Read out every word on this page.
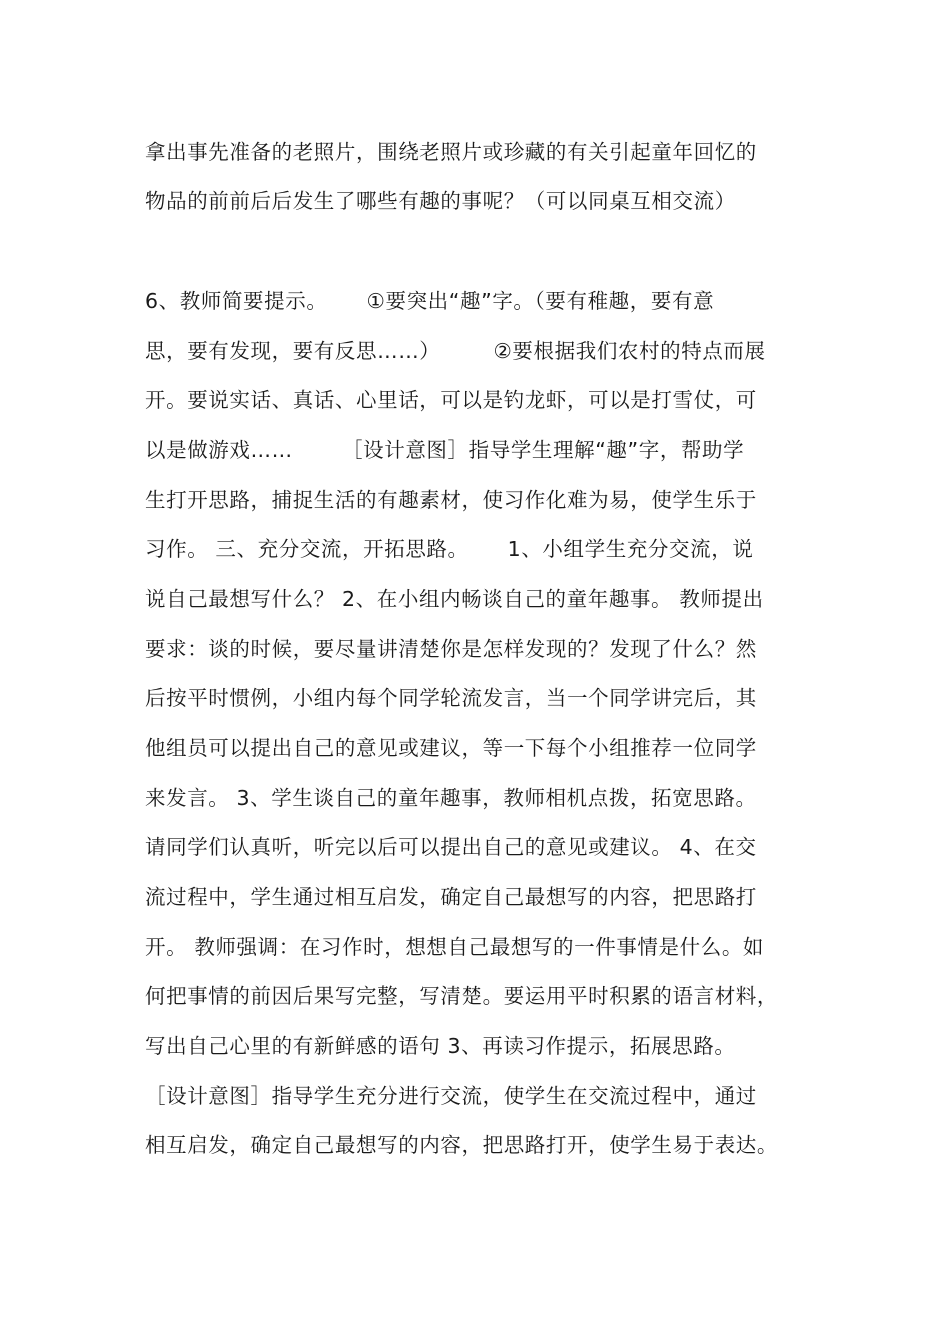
拿出事先准备的老照片，围绕老照片或珍藏的有关引起童年回忆的
物品的前前后后发生了哪些有趣的事呢？（可以同桌互相交流）
6、教师简要提示。　　 ①要突出“趣”字。（要有稚趣，要有意
思，要有发现，要有反思……）　　　②要根据我们农村的特点而展
开。要说实话、真话、心里话，可以是钓龙虾，可以是打雪仗，可
以是做游戏……　　 ［设计意图］指导学生理解“趣”字，帮助学
生打开思路，捕捉生活的有趣素材，使习作化难为易，使学生乐于
习作。 三、充分交流，开拓思路。　　 1、小组学生充分交流，说
说自己最想写什么？ 2、在小组内畅谈自己的童年趣事。 教师提出
要求：谈的时候，要尽量讲清楚你是怎样发现的？发现了什么？然
后按平时惯例，小组内每个同学轮流发言，当一个同学讲完后，其
他组员可以提出自己的意见或建议，等一下每个小组推荐一位同学
来发言。 3、学生谈自己的童年趣事，教师相机点拨，拓宽思路。
请同学们认真听，听完以后可以提出自己的意见或建议。 4、在交
流过程中，学生通过相互启发，确定自己最想写的内容，把思路打
开。 教师强调：在习作时，想想自己最想写的一件事情是什么。如
何把事情的前因后果写完整，写清楚。要运用平时积累的语言材料，
写出自己心里的有新鲜感的语句 3、再读习作提示，拓展思路。
［设计意图］指导学生充分进行交流，使学生在交流过程中，通过
相互启发，确定自己最想写的内容，把思路打开，使学生易于表达。
